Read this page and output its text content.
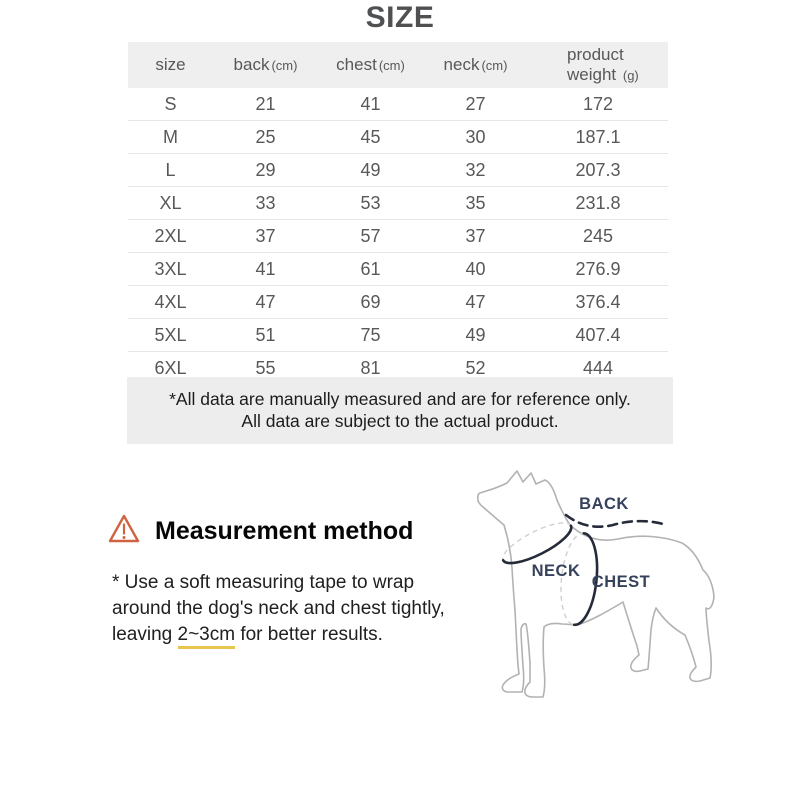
SIZE
size	back (cm)	chest (cm)	neck (cm)	product
weight (g)

S	21	41	27	172
M	25	45	30	187.1
L	29	49	32	207.3
XL	33	53	35	231.8
2XL	37	57	37	245
3XL	41	61	40	276.9
4XL	47	69	47	376.4
5XL	51	75	49	407.4
6XL	55	81	52	444
*All data are manually measured and are for reference only.
All data are subject to the actual product.
Measurement method
* Use a soft measuring tape to wrap
around the dog's neck and chest tightly,
leaving 2~3cm for better results.
BACK
NECK
CHEST
